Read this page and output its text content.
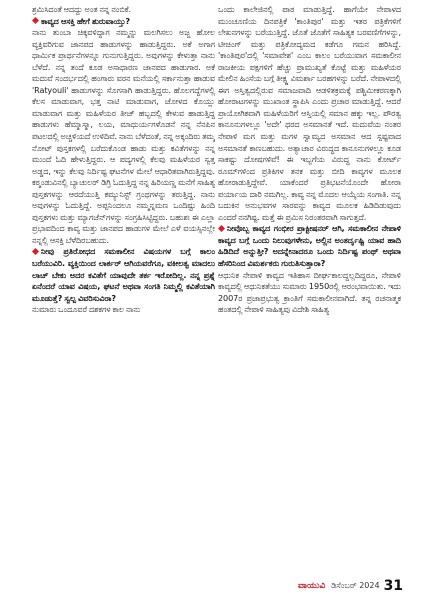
ಶ್ರಮಿಸಿದಂತೆ ಆದದ್ದು ಅಂತ ನನ್ನ ನಂಬಿಕೆ.

ಕಾವ್ಯದ ಆಸಕ್ತಿ ಹೇಗೆ ಶುರುವಾಯ್ತು?

ನಾನು ತುಂಬಾ ಚಿಕ್ಕವಳಿದ್ದಾಗ ನಮ್ಮನ್ನು ಮಲಗಿಸಲು ಅಜ್ಜ ಹೋಲ ವ್ಯಕ್ತಿವರಿಗುವ ಜಾನಪದ ಹಾಡುಗಳನ್ನು ಹಾಡುತ್ತಿದ್ದರು. ಅಕೆ ಅಗಾಗ ಧಾರ್ಮಿಕ ಪ್ರಾರ್ಥನೆಗಳನ್ನೂ ಗುನುಗುತ್ತಿದ್ದರು. ಅವುಗಳನ್ನು ಕೇಳುತ್ತಾ ನಾನು ಬೆಳೆದೆ. ನನ್ನ ತಂದೆ ಕೂಡ ಅಸಾಧಾರಣ ಜಾನಪದ ಹಾಡುಗಾರ. ಅಕೆ ಮದುವೆ ಸಂದರ್ಭದಲ್ಲಿ ಹಂಗಾರು ವರನ ಮನೆಯಲ್ಲಿ ಸರ್ಕಾನುತ್ತಾ ಹಾಡುವ 'Ratyouli' ಹಾಡುಗಳನ್ನು ಸೊಗಸಾಗಿ ಹಾಡುತ್ತಿದ್ದರು. ಹೊಲಗದ್ದೆಗಳಲ್ಲಿ ಕೆಲಸ ಮಾಡುವಾಗ, ಭತ್ತ ನಾಟಿ ಮಾಡುವಾಗ, ಜೋಳದ ಕೊಯ್ಲು ಮಾಡುವಾಗ ಮತ್ತು ಮಹಿಳೆಯರ ತೀಜ್ ಹಬ್ಬದಲ್ಲಿ ಕೇಳುವ ಹಾಡುತ್ತಿದ್ದ ಹಾಡುಗಳು ಹೆಮ್ಮಾಸ್ಮಾ, ಲಯ, ಮಾಧುರ್ಯಗಳೊಡನೆ ನನ್ನ ನೆನಪಿನ ಪಟಲದಲ್ಲಿ ಅಚ್ಚಳಿಯದೆ ಉಳಿದಿವೆ. ನಾನು ಬೆಳೆದಂತೆ, ನನ್ನ ಅಕ್ಕಂದಿರು ತಮ್ಮ ನೋಟ್ ಪುಸ್ತಕಗಳಲ್ಲಿ ಬರೆದುಕೊಂಡ ಹಾಡು ಮತ್ತು ಕವಿತೆಗಳನ್ನು ನನ್ನ ಮುಂದೆ ಓದಿ ಹೇಳುತ್ತಿದ್ದರು. ಆ ಪದ್ಯಗಳಲ್ಲಿ ಕೆಲವು ಮಹಿಳೆಯರ ಸ್ವತ್ತ ಅಡ್ಡದ, ಇನ್ನು ಕೆಲವು ನಿರ್ದಿಷ್ಟ ಘಟನೆಗಳ ಮೇಲೆ ಆಧಾರಿತವಾಗಿರುತ್ತಿದ್ದವು. ಕಠ್ಮಂಡುವಿನಲ್ಲಿ ಬ್ಯಾಚುಲರ್ ಡಿಗ್ರಿ ಓದುತ್ತಿದ್ದ ನನ್ನ ಹಿರಿಯಣ್ಣ ಮನೆಗೆ ಸಾಹಿತ್ಯ ಪುಸ್ತಕಗಳನ್ನು ಆರದೆಯುತ್ತಿ ಕಮ್ಯುನಿಸ್ಟ್ ಗ್ರಂಥಗಳನ್ನು ತರುತ್ತಿದ್ದ. ನಾನು ಅವುಗಳನ್ನು ಓದುತ್ತಿದ್ದೆ. ಅಪ್ಪನಿಂದಲೂ ನಮ್ಮನ್ನಮಣ ಒಂದಿಷ್ಟು ಹಿಂದಿ ಪುಸ್ತಕಗಳು ಮತ್ತು ಮ್ಯಾಗಜೆನ್‌ಗಳನ್ನು ಸಂಗ್ರಹಿಸಿಟ್ಟಿದ್ದರು. ಬಹುಶಃ ಈ ಎಲ್ಲಾ ಪ್ರಭಾವದಿಂದ ಕಾವ್ಯ ಮತ್ತು ಜಾನಪದ ಹಾಡುಗಳ ಮೇಲೆ ಎಳೆ ವಯಸ್ಸಿನಲ್ಲೇ ನನ್ನಲ್ಲಿ ಆಸಕ್ತಿ ಬೆಳೆದಿರಬಹುದು.

ನೀವು ಪ್ರತಿರೋಧದ ಸಮಕಾಲೀನ ವಿಷಯಗಳ ಬಗ್ಗೆ ಕಾಲಂ ಬರೆಯುವಿರಿ. ವ್ಯಕ್ತಿಯಿಂದ ಲಾರ್ಕರ್‌ ಆಗಿಯವರೆಗೂ, ವಕೀಲತ್ವ ಮಾದಲು ಲಾಚ್ ಬೇಕು ಅದರ ಕವಿತೆಗೆ ಯಾವುದೇ ತರ್ಕ ಇರೋದಿಲ್ಲ. ನನ್ನ ಪ್ರಶ್ನೆ ಏನೆಂದರೆ ಯಾವ ವಿಷಯ, ಘಟನೆ ಅಥವಾ ಸಂಗತಿ ನಿಮ್ಮಲ್ಲಿ ಕವಿತೆಯಾಗಿ ಮೂಡುತ್ತೆ? ಸ್ವಲ್ಪ ವಿವರಿಸುವಿರಾ?

ನುಮಾರು ಒಂದೂವರೆ ದಶಕಗಳ ಕಾಲ ನಾನು

ಒಂದು ಕಾಲೇಜಿನಲ್ಲಿ ಪಾಠ ಮಾಡುತ್ತಿದ್ದೆ. ಹಾಗೆಯೇ ನೇಪಾಳದ ಮುಂಚೂಣಿಯ ದಿನಪತ್ರಿಕೆ 'ಕಾಂತಿಪುರ' ಮತ್ತು ಇತರ ಪತ್ರಿಕೆಗಳಿಗೆ ಲೇಖನಗಳನ್ನು ಬರೆಯುತ್ತಿದ್ದೆ. ಜೊತೆ ಜೊತೆಗೆ ಸಾಹಿತ್ಯಕ ಬರವಣಿಗೆಗಳನ್ನು, ಟೀಚಿಂಗ್ ಮತ್ತು ಪತ್ರಿಕೋದ್ಯಮದ ಕಡೆಗೂ ಗಮನ ಹರಿಸಿದ್ದೆ. 'ಕಾಂತಿಪುರ'ದಲ್ಲಿ 'ಸಮಾವೇಶ' ಎಂಬ ಕಾಲಂ ಬರೆಯುವಾಗ ಸಮಕಾಲೀನ ರಾಜಕೀಯ ಪಕ್ಷಗಳಿಗೆ ಹೆಚ್ಚು ಪ್ರಾಮುಖ್ಯತೆ ಕೊಟ್ಟೆ ಮತ್ತು ಮಹಿಳೆಯರ ಮೇಲಿನ ಹಿಂಸೆಯ ಬಗ್ಗೆ ತೀಕ್ಷ್ಣ ವಿಮರ್ಶಾ ಬರಹಗಳನ್ನು ಬರೆದೆ. ನೇಪಾಳದಲ್ಲಿ ಈಗ ಅಸ್ತಿತ್ವದಲ್ಲಿರುವ ಸಮಾಜವಾದಿ ಆಡಳಿತಕ್ರಮಕ್ಕೆ ಪಶ್ಚಿಮೀಕರಣಕ್ಕಾಗಿ ಹೋರಾಟಗಳನ್ನು ಮುಖಾಂತ ಸ್ಥಾಪಿಸಿ ಎಂದು ಪ್ರಚಾರ ಮಾಡುತ್ತಿದ್ದೆ. ಆದರೆ ಪ್ರಾಯೋಗಿಕವಾಗಿ ಮಹಿಳೆಯರಿಗೆ ಆಸ್ತಿಯಲ್ಲಿ ಸಮಾನ ಹಕ್ಕು ಇಲ್ಲ. ಪೌರತ್ವ ಕಾನೂನುಗಳಲ್ಲೂ 'ಅದೇ' ಥರದ ಅಸಮಾನತೆ ಇದೆ. ಮದುವೆಯ ನಂತರ ನೇಪಾಳಿ ಮಗ ಮತ್ತು ಮಗಳ ಸ್ವಾಮ್ಯದ ಅಸಮಾನ ಆದ ಸ್ಪಷ್ಟವಾದ ಅಸಮಾನತೆ ಕಾಣಬಹುದು. ಅತ್ಯಾಚಾರ ವಿರುದ್ಧದ ಕಾನೂನುಗಳಲ್ಲೂ ಕೂಡ ಸಾಕಷ್ಟು ದೋಷಗಳಿವೆ! ಈ ಇಬ್ಬಗೆಯ ವಿರುದ್ಧ ನಾನು ಕೋರ್ಟ್ ರೂಮ್‌ಗಳಿಂದ ಪ್ರತಿಕಿಗಳ ತನಕ ಮತ್ತು ಬೀದಿ ಕಾವ್ಯಗಳ ಮೂಲಕ ಹೋರಾಡುತ್ತಿದ್ದೇವೆ. ಯಾಕೆಂದರೆ ಪ್ರತಿಭಟನೆಯೊಂದೇ ಹೋರಾ ಪರ್ಯಾಯ ದಾರಿ ನಮಗಿಲ್ಲ. ಕಾವ್ಯ ನನ್ನ ಮೊದಲ ಆಯ್ಕೆಯ ಸಂಗಾತಿ. ನನ್ನ ಬದುಕಿನ ಅನುಭವಗಳ ಸಾರವನ್ನು ಕಾವ್ಯದ ಮೂಲಕ ಹಿಡಿದಿಡುವುದು ಎಂದರೆ ನನಗಿಷ್ಟ. ಮತ್ತೆ ಈ ಪ್ರಮಿಸ ನಿರಂತರವಾಗಿ ಸಾಗುತ್ತದೆ.

ನೀವೊಬ್ಬ ಕಾವ್ಯದ ಗಂಭೀರ ಪ್ರಾಕ್ಟೀಷನರ್ ಆಗಿ, ಸಮಕಾಲೀನ ನೇಪಾಳಿ ಕಾವ್ಯದ ಬಗ್ಗೆ ಒಂದು ನಿಲುವುಗಳೇನು, ಅಲ್ಲಿನ ಅಂತರ್ದೃಷ್ಟಿ ಯಾವ ಹಾದಿ ಹಿಡಿದಿದೆ ಅನ್ನುತ್ತೀ? ಅದನ್ನೇನಾದರೂ ಒಂದು ನಿರ್ದಿಷ್ಟ ಪಂಥ್ ಅಥವಾ ಹೆಸರಿನಿಂದ ವಿಮರ್ಶಕರು ಗುರುತಿಸುತ್ತಾರಾ?

ಆಧುನಿಕ ನೇಪಾಳಿ ಕಾವ್ಯದ ಇತಿಹಾಸ ದೀರ್ಘಕಾಲದ್ದಲ್ಲದಿದ್ದರೂ, ನೇಪಾಳಿ ಕಾವ್ಯದಲ್ಲಿ ಆಧುನಿಕತೆಯು ಸುಮಾರು 1950ರಲ್ಲಿ ಆರಂಭವಾಯಿತು. ಇದು 2007ರ ಪ್ರಜಾಪ್ರಭುತ್ವ ಕ್ರಾಂತಿಗೆ ಸಮಕಾಲೀನವಾಗಿದೆ. ತನ್ನ ರಚನಾತ್ಮಕ ಹಂತದಲ್ಲಿ ನೇಪಾಳಿ ಸಾಹಿತ್ಯವು ವಿದೇಶಿ ಸಾಹಿತ್ಯ

ವಾಯುವಿ ಡಿಸೆಂಬರ್ 2024 31
